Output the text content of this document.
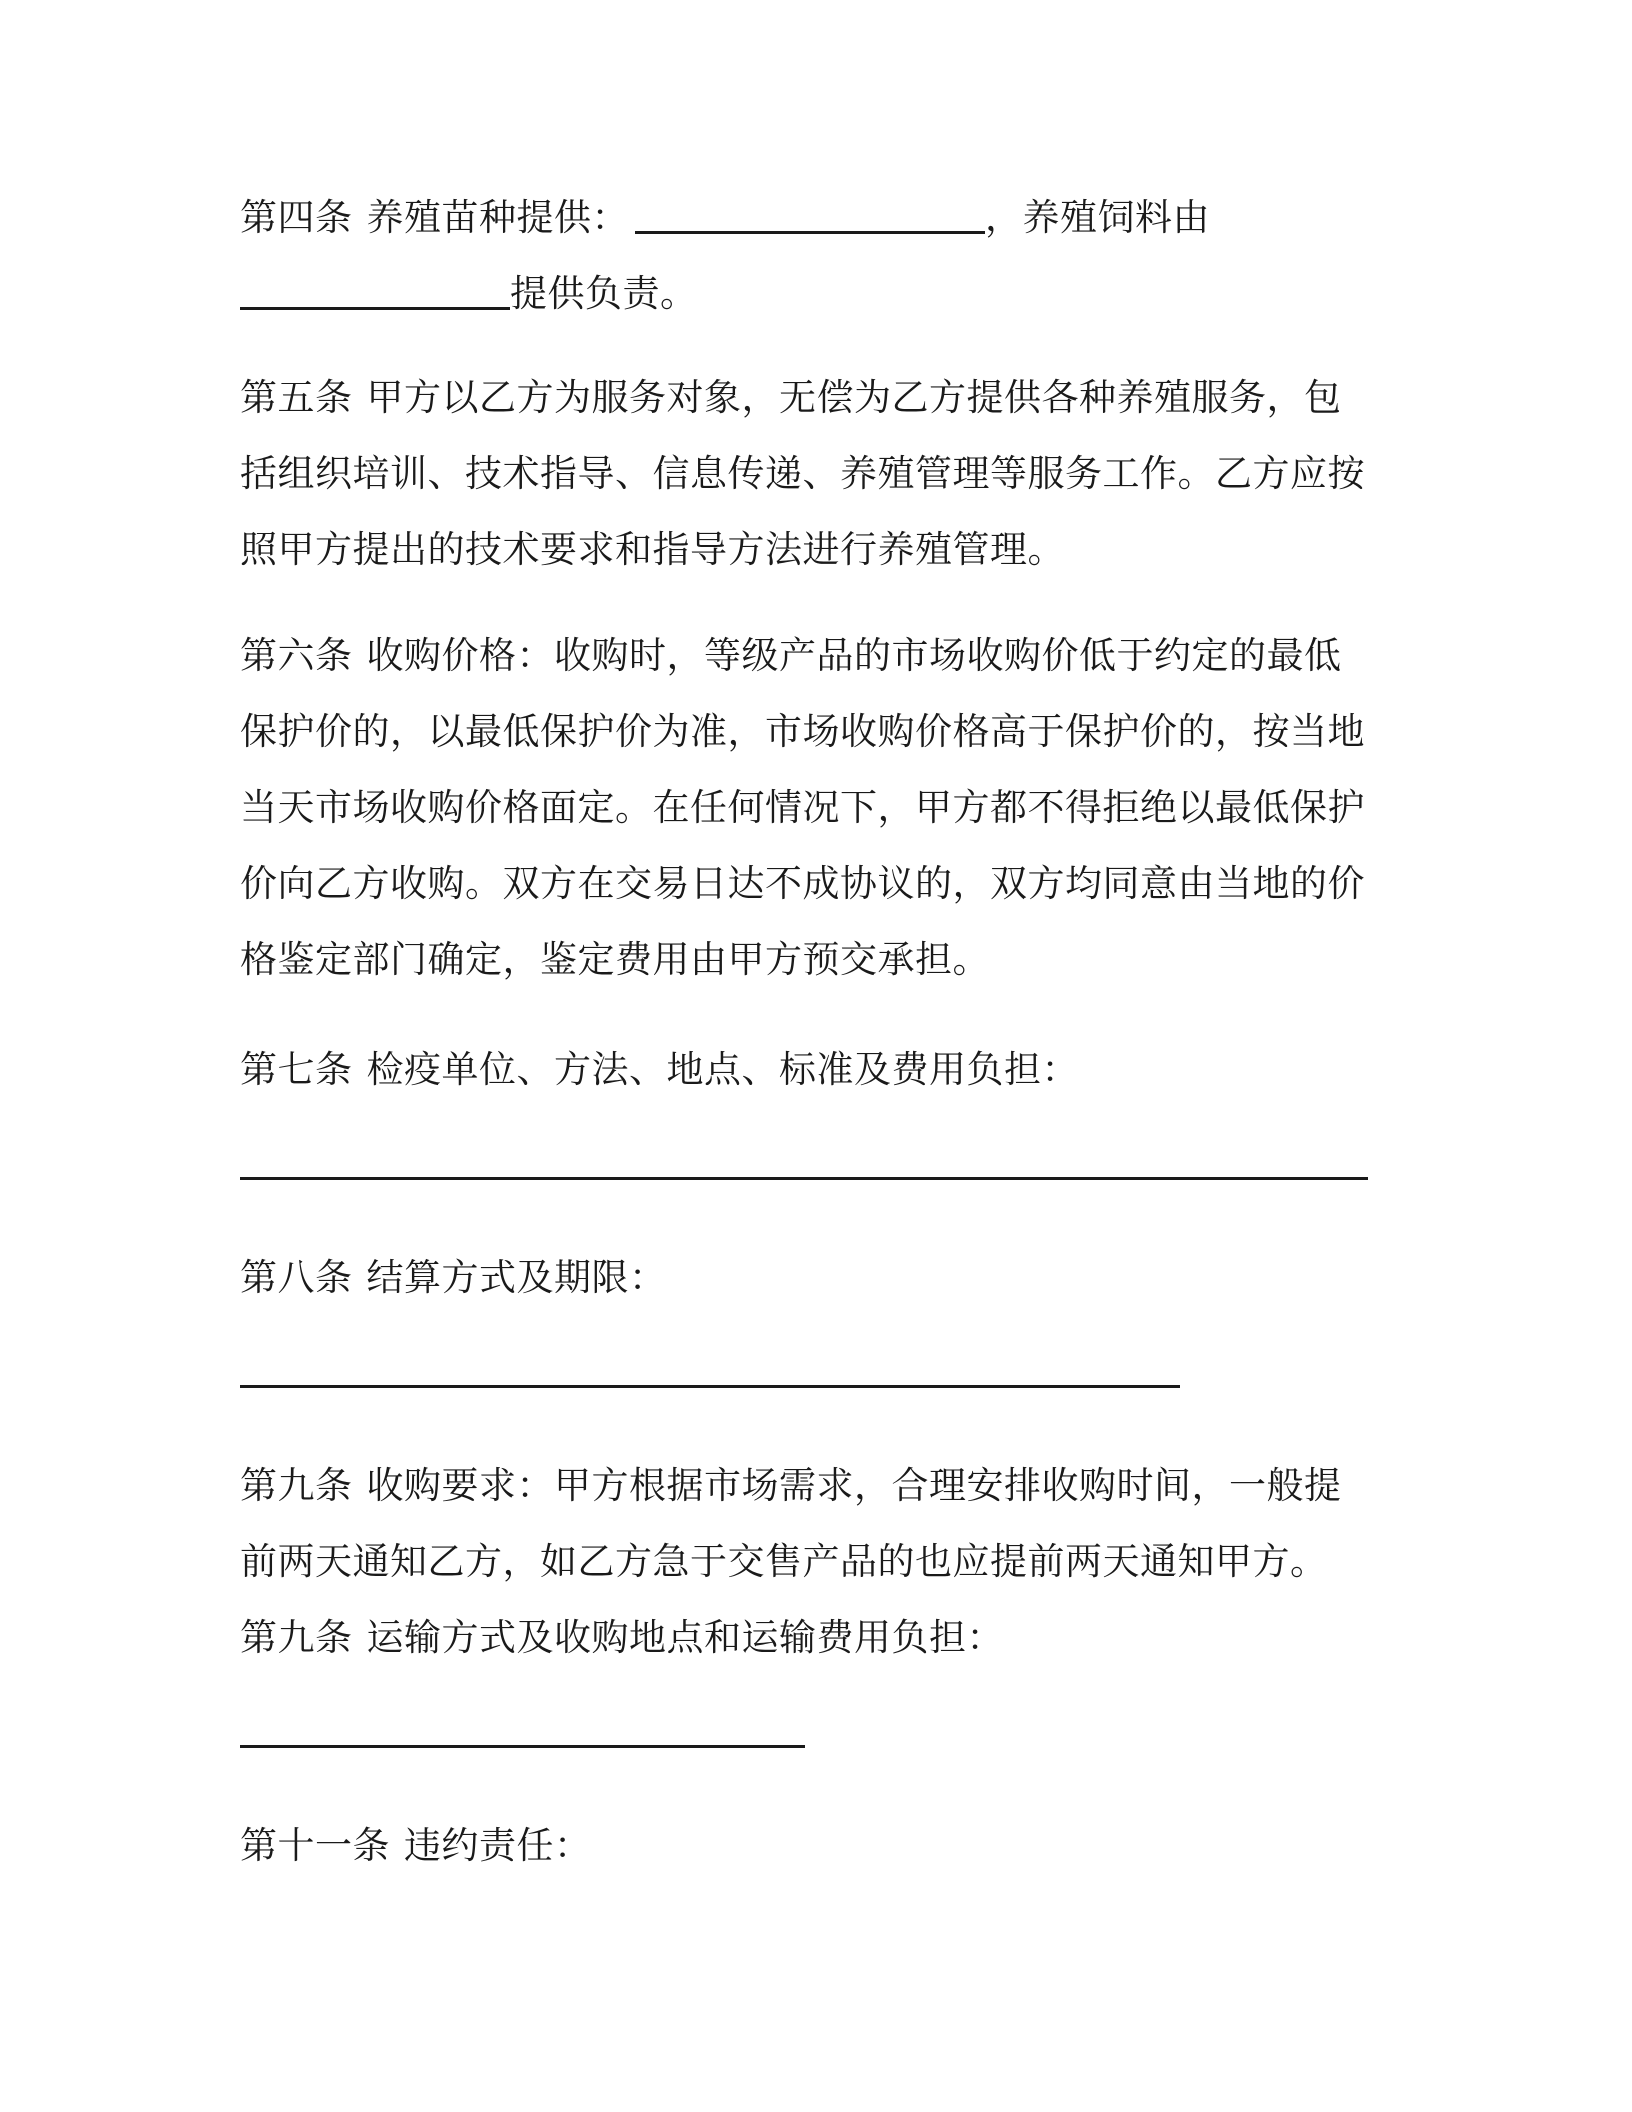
第四条 养殖苗种提供：	，养殖饲料由

提供负责。

第五条 甲方以乙方为服务对象，无偿为乙方提供各种养殖服务，包括组织培训、技术指导、信息传递、养殖管理等服务工作。乙方应按照甲方提出的技术要求和指导方法进行养殖管理。

第六条 收购价格：收购时，等级产品的市场收购价低于约定的最低保护价的，以最低保护价为准，市场收购价格高于保护价的，按当地当天市场收购价格面定。在任何情况下，甲方都不得拒绝以最低保护价向乙方收购。双方在交易日达不成协议的，双方均同意由当地的价格鉴定部门确定，鉴定费用由甲方预交承担。

第七条 检疫单位、方法、地点、标准及费用负担：

第八条 结算方式及期限：

第九条 收购要求：甲方根据市场需求，合理安排收购时间，一般提前两天通知乙方，如乙方急于交售产品的也应提前两天通知甲方。

第九条 运输方式及收购地点和运输费用负担：

第十一条 违约责任：
